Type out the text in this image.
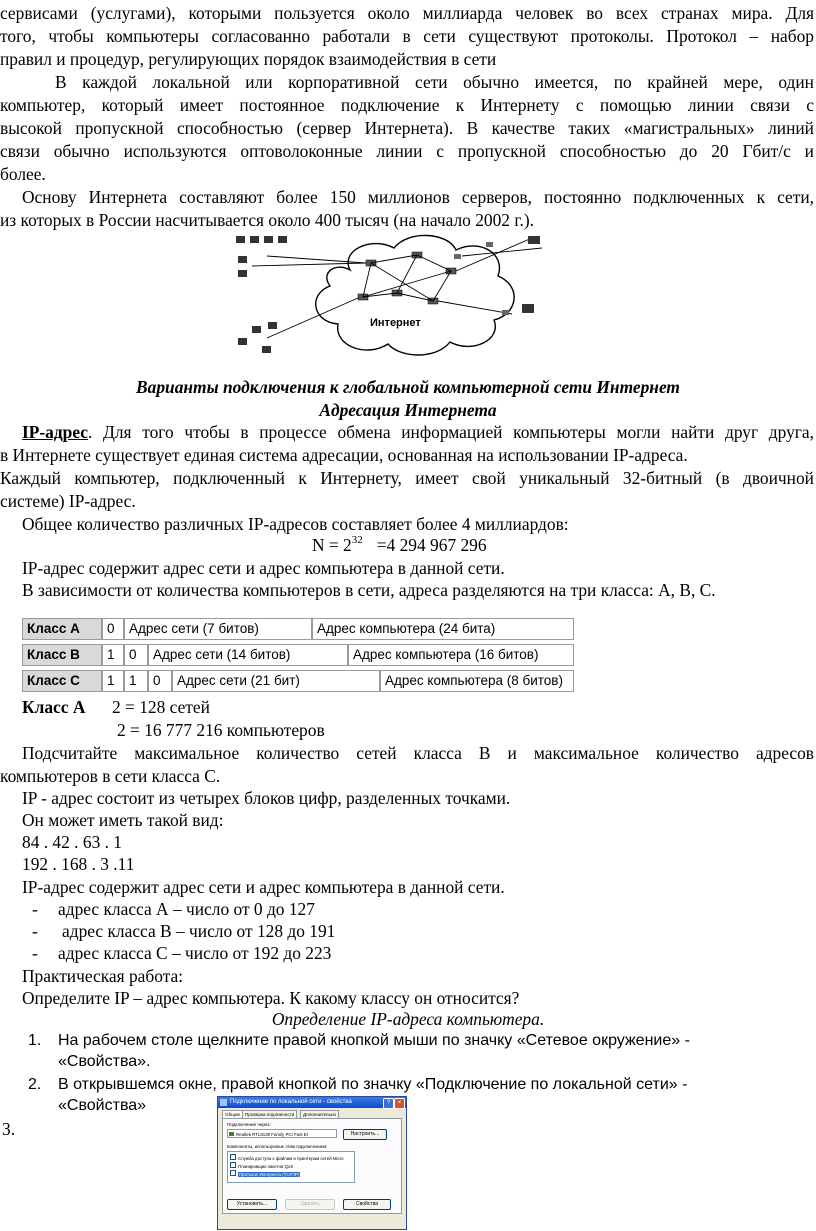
сервисами (услугами), которыми пользуется около миллиарда человек во всех странах мира. Для
того, чтобы компьютеры согласованно работали в сети существуют протоколы. Протокол – набор
правил и процедур, регулирующих порядок взаимодействия в сети
В каждой локальной или корпоративной сети обычно имеется, по крайней мере, один
компьютер, который имеет постоянное подключение к Интернету с помощью линии связи с
высокой пропускной способностью (сервер Интернета). В качестве таких «магистральных» линий
связи обычно используются оптоволоконные линии с пропускной способностью до 20 Гбит/с и
более.
Основу Интернета составляют более 150 миллионов серверов, постоянно подключенных к сети,
из которых в России насчитывается около 400 тысяч (на начало 2002 г.).
Интернет
Варианты подключения к глобальной компьютерной сети Интернет
Адресация Интернета
IP-адрес. Для того чтобы в процессе обмена информацией компьютеры могли найти друг друга,
в Интернете существует единая система адресации, основанная на использовании IP-адреса.
Каждый компьютер, подключенный к Интернету, имеет свой уникальный 32-битный (в двоичной
системе) IP-адрес.
Общее количество различных IP-адресов составляет более 4 миллиардов:
$N = 2^{32} =4$ 294 967 296
IP-адрес содержит адрес сети и адрес компьютера в данной сети.
В зависимости от количества компьютеров в сети, адреса разделяются на три класса: A, B, C.
Класс А	0	Адрес сети (7 битов)	Адрес компьютера (24 бита)
Класс В	1	0	Адрес сети (14 битов)	Адрес компьютера (16 битов)
Класс С	1	1	0	Адрес сети (21 бит)	Адрес компьютера (8 битов)
Класс А 2 = 128 сетей
2 = 16 777 216 компьютеров
Подсчитайте максимальное количество сетей класса В и максимальное количество адресов
компьютеров в сети класса С.
IP - адрес состоит из четырех блоков цифр, разделенных точками.
Он может иметь такой вид:
84 . 42 . 63 . 1
192 . 168 . 3 .11
IP-адрес содержит адрес сети и адрес компьютера в данной сети.
- адрес класса А – число от 0 до 127
- адрес класса В – число от 128 до 191
- адрес класса С – число от 192 до 223
Практическая работа:
Определите IP – адрес компьютера. К какому классу он относится?
Определение IP-адреса компьютера.
1. На рабочем столе щелкните правой кнопкой мыши по значку «Сетевое окружение» -
«Свойства».
2. В открывшемся окне, правой кнопкой по значку «Подключение по локальной сети» -
«Свойства»
3.
Подключение по локальной сети - свойства	?	×
Общие	Проверка подлинности	Дополнительно
Подключение через:
Realtek RTL8139 Family PCI Fast Et	Настроить...
Компоненты, используемые этим подключением:
Служба доступа к файлам и принтерам сетей Micro
Планировщик пакетов QoS
Протокол Интернета (TCP/IP)
Установить...	Удалить	Свойства
